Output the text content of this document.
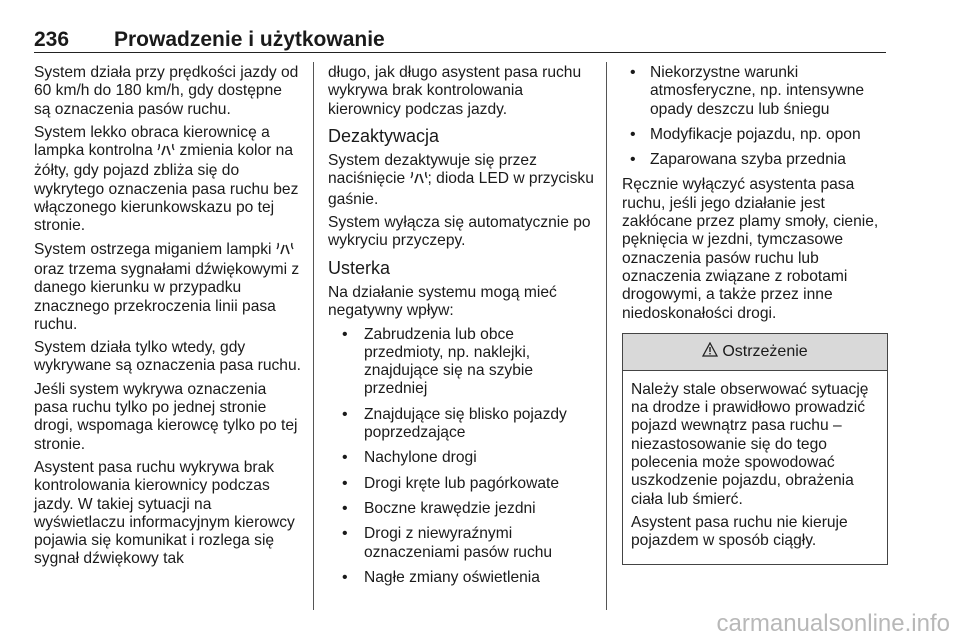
236 Prowadzenie i użytkowanie

System działa przy prędkości jazdy od 60 km/h do 180 km/h, gdy dostępne są oznaczenia pasów ruchu.

System lekko obraca kierownicę a lampka kontrolna zmienia kolor na żółty, gdy pojazd zbliża się do wykrytego oznaczenia pasa ruchu bez włączonego kierunkowskazu po tej stronie.

System ostrzega miganiem lampki  oraz trzema sygnałami dźwiękowymi z danego kierunku w przypadku znacznego przekroczenia linii pasa ruchu.

System działa tylko wtedy, gdy wykrywane są oznaczenia pasa ruchu.

Jeśli system wykrywa oznaczenia pasa ruchu tylko po jednej stronie drogi, wspomaga kierowcę tylko po tej stronie.

Asystent pasa ruchu wykrywa brak kontrolowania kierownicy podczas jazdy. W takiej sytuacji na wyświetlaczu informacyjnym kierowcy pojawia się komunikat i rozlega się sygnał dźwiękowy tak

długo, jak długo asystent pasa ruchu wykrywa brak kontrolowania kierownicy podczas jazdy.

Dezaktywacja

System dezaktywuje się przez naciśnięcie ; dioda LED w przycisku gaśnie.

System wyłącza się automatycznie po wykryciu przyczepy.

Usterka

Na działanie systemu mogą mieć negatywny wpływ:

• Zabrudzenia lub obce przedmioty, np. naklejki, znajdujące się na szybie przedniej
• Znajdujące się blisko pojazdy poprzedzające
• Nachylone drogi
• Drogi kręte lub pagórkowate
• Boczne krawędzie jezdni
• Drogi z niewyraźnymi oznaczeniami pasów ruchu
• Nagłe zmiany oświetlenia
• Niekorzystne warunki atmosferyczne, np. intensywne opady deszczu lub śniegu
• Modyfikacje pojazdu, np. opon
• Zaparowana szyba przednia

Ręcznie wyłączyć asystenta pasa ruchu, jeśli jego działanie jest zakłócane przez plamy smoły, cienie, pęknięcia w jezdni, tymczasowe oznaczenia pasów ruchu lub oznaczenia związane z robotami drogowymi, a także przez inne niedoskonałości drogi.

Ostrzeżenie

Należy stale obserwować sytuację na drodze i prawidłowo prowadzić pojazd wewnątrz pasa ruchu – niezastosowanie się do tego polecenia może spowodować uszkodzenie pojazdu, obrażenia ciała lub śmierć.

Asystent pasa ruchu nie kieruje pojazdem w sposób ciągły.

carmanualsonline.info
